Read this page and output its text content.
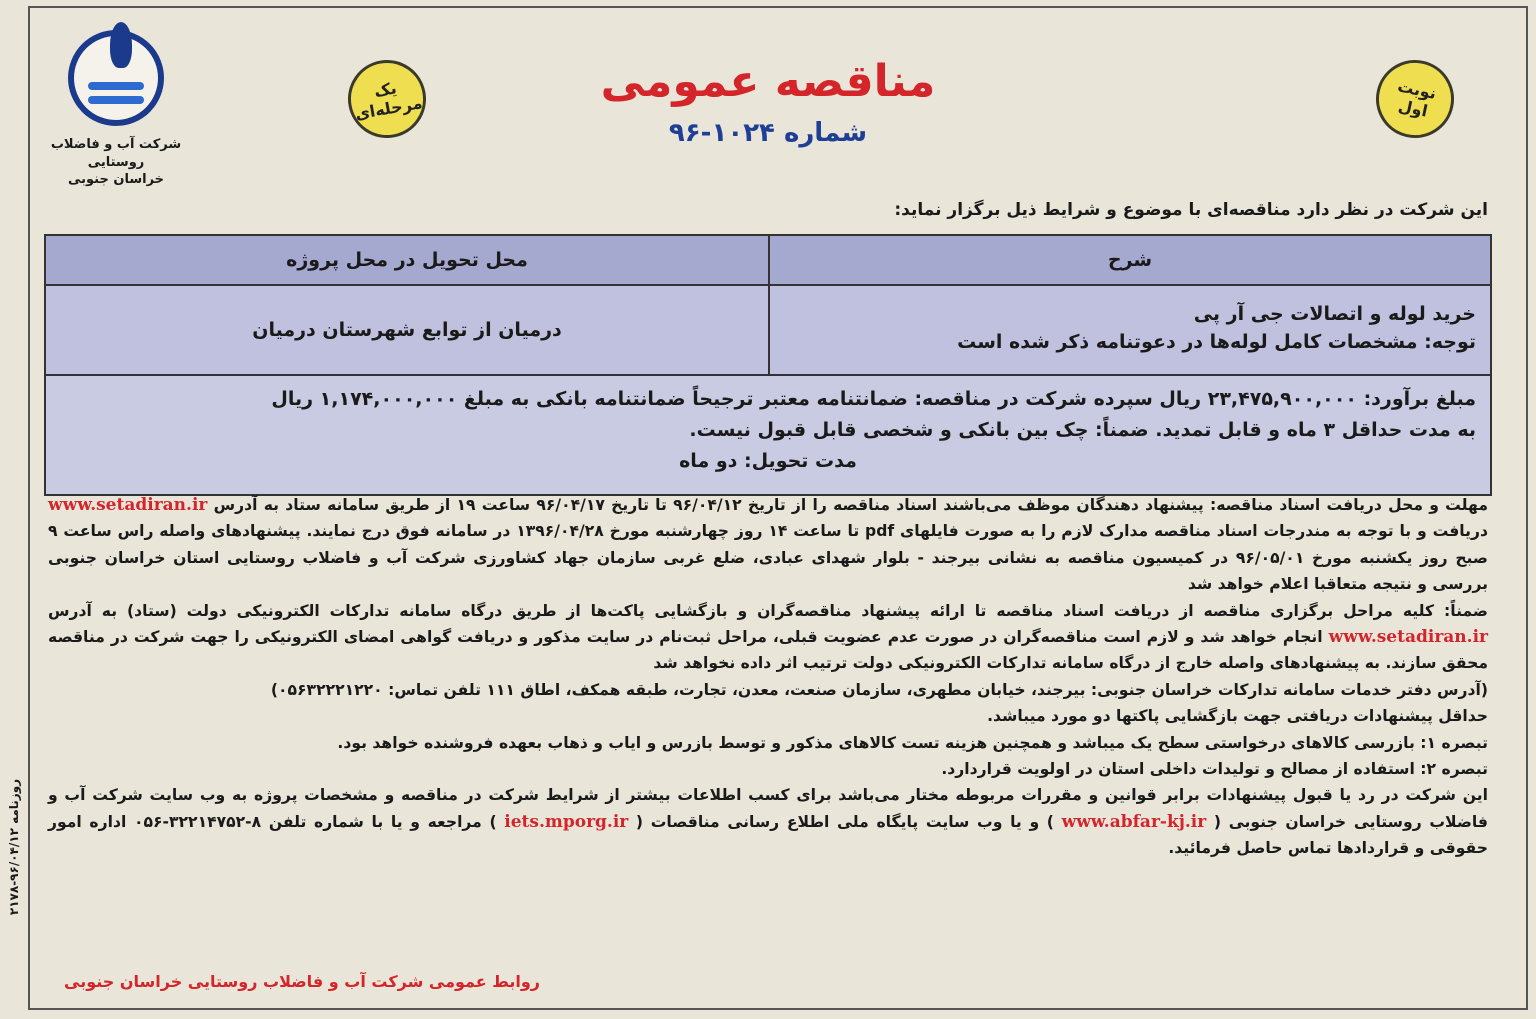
شرکت آب و فاضلاب روستایی
خراسان جنوبی
یک مرحله‌ای
نوبت اول
مناقصه عمومی
شماره ۱۰۲۴-۹۶
این شرکت در نظر دارد مناقصه‌ای با موضوع و شرایط ذیل برگزار نماید:
شرح
محل تحویل در محل پروژه
خرید لوله و اتصالات جی آر پی
توجه: مشخصات کامل لوله‌ها در دعوتنامه ذکر شده است
درمیان از توابع شهرستان درمیان
مبلغ برآورد: ۲۳,۴۷۵,۹۰۰,۰۰۰ ریال سپرده شرکت در مناقصه: ضمانتنامه معتبر ترجیحاً ضمانتنامه بانکی به مبلغ ۱,۱۷۴,۰۰۰,۰۰۰ ریال
به مدت حداقل ۳ ماه و قابل تمدید. ضمناً: چک بین بانکی و شخصی قابل قبول نیست.
مدت تحویل: دو ماه

مهلت و محل دریافت اسناد مناقصه: پیشنهاد دهندگان موظف می‌باشند اسناد مناقصه را از تاریخ ۹۶/۰۴/۱۲ تا تاریخ ۹۶/۰۴/۱۷ ساعت ۱۹ از طریق سامانه ستاد به آدرس www.setadiran.ir دریافت و با توجه به مندرجات اسناد مناقصه مدارک لازم را به صورت فایلهای pdf تا ساعت ۱۴ روز چهارشنبه مورخ ۱۳۹۶/۰۴/۲۸ در سامانه فوق درج نمایند. پیشنهادهای واصله راس ساعت ۹ صبح روز یکشنبه مورخ ۹۶/۰۵/۰۱ در کمیسیون مناقصه به نشانی بیرجند - بلوار شهدای عبادی، ضلع غربی سازمان جهاد کشاورزی شرکت آب و فاضلاب روستایی استان خراسان جنوبی بررسی و نتیجه متعاقبا اعلام خواهد شد

ضمناً: کلیه مراحل برگزاری مناقصه از دریافت اسناد مناقصه تا ارائه پیشنهاد مناقصه‌گران و بازگشایی پاکت‌ها از طریق درگاه سامانه تدارکات الکترونیکی دولت (ستاد) به آدرس www.setadiran.ir انجام خواهد شد و لازم است مناقصه‌گران در صورت عدم عضویت قبلی، مراحل ثبت‌نام در سایت مذکور و دریافت گواهی امضای الکترونیکی را جهت شرکت در مناقصه محقق سازند. به پیشنهادهای واصله خارج از درگاه سامانه تدارکات الکترونیکی دولت ترتیب اثر داده نخواهد شد

(آدرس دفتر خدمات سامانه تدارکات خراسان جنوبی: بیرجند، خیابان مطهری، سازمان صنعت، معدن، تجارت، طبقه همکف، اطاق ۱۱۱ تلفن تماس: ۰۵۶۳۲۲۲۱۲۲۰)

حداقل پیشنهادات دریافتی جهت بازگشایی پاکتها دو مورد میباشد.

تبصره ۱: بازرسی کالاهای درخواستی سطح یک میباشد و همچنین هزینه تست کالاهای مذکور و توسط بازرس و ایاب و ذهاب بعهده فروشنده خواهد بود.

تبصره ۲: استفاده از مصالح و تولیدات داخلی استان در اولویت قراردارد.

این شرکت در رد یا قبول پیشنهادات برابر قوانین و مقررات مربوطه مختار می‌باشد برای کسب اطلاعات بیشتر از شرایط شرکت در مناقصه و مشخصات پروژه به وب سایت شرکت آب و فاضلاب روستایی خراسان جنوبی ( www.abfar-kj.ir ) و یا وب سایت پایگاه ملی اطلاع رسانی مناقصات ( iets.mporg.ir ) مراجعه و یا با شماره تلفن ۸-۳۲۲۱۴۷۵۲-۰۵۶ اداره امور حقوقی و قراردادها تماس حاصل فرمائید.

روابط عمومی شرکت آب و فاضلاب روستایی خراسان جنوبی
روزنامه ۹۶/۰۴/۱۲-۲۱۷۸
